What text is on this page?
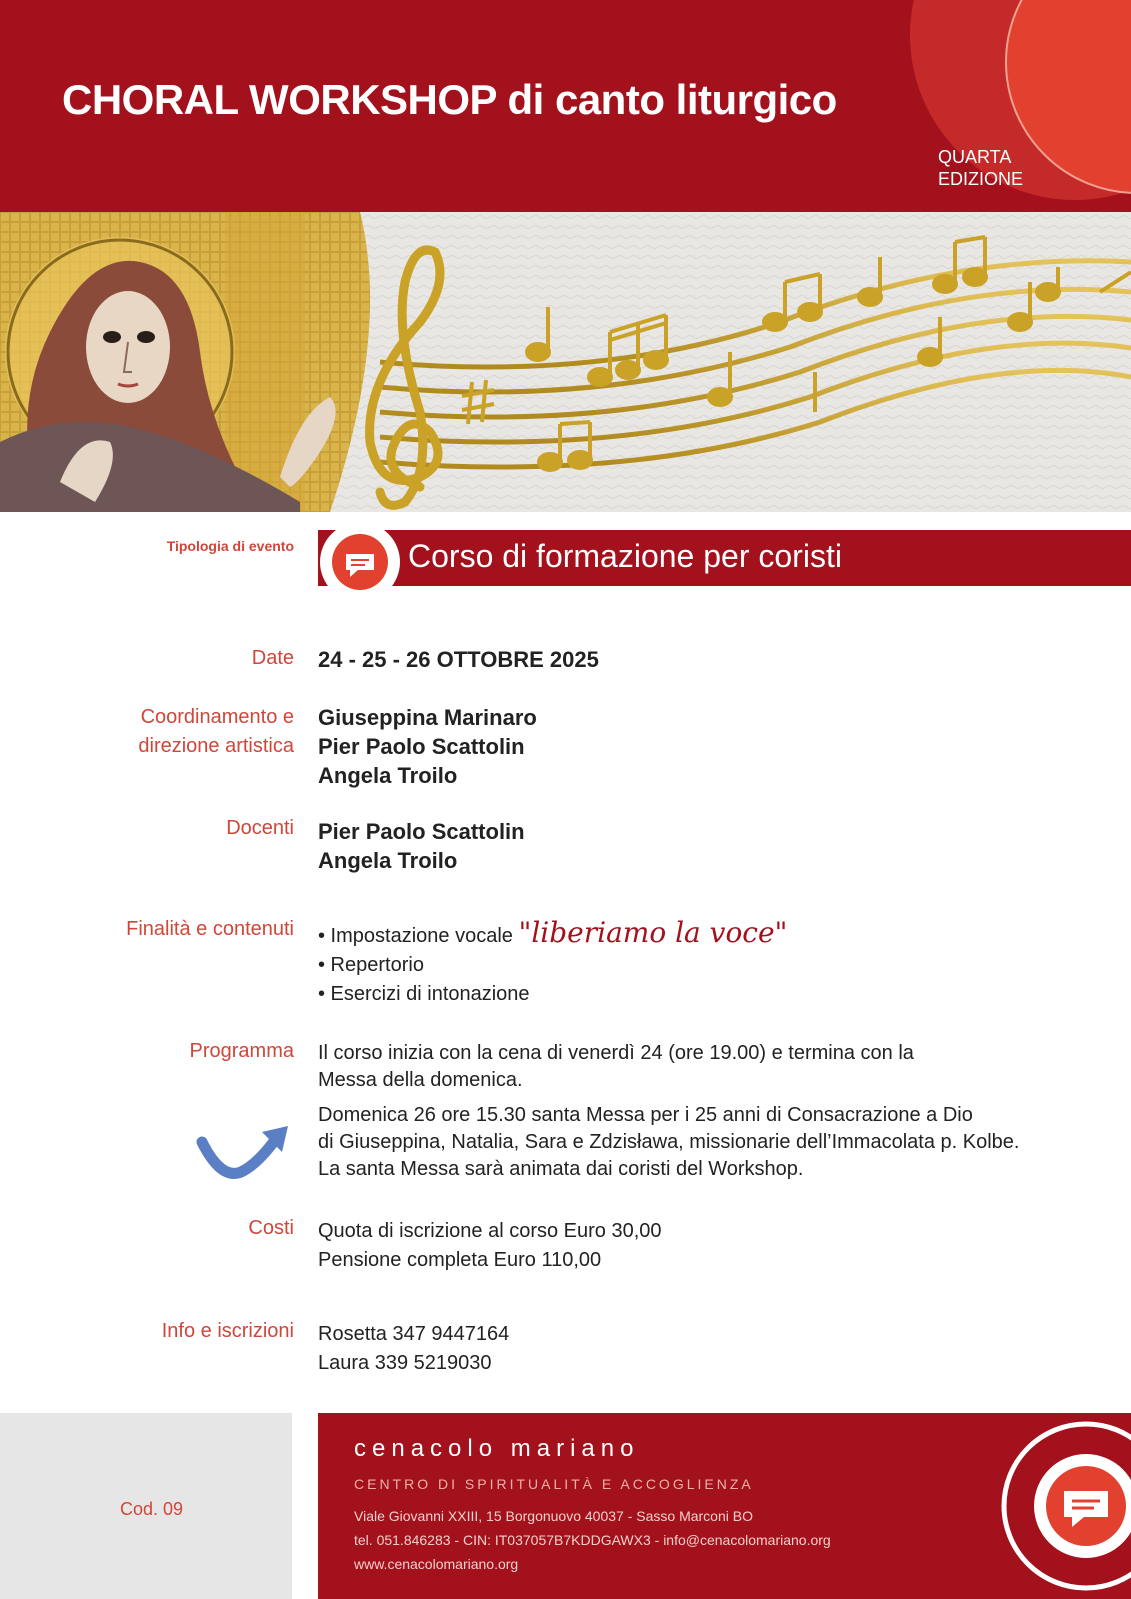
CHORAL WORKSHOP di canto liturgico
QUARTA
EDIZIONE
Tipologia di evento	Corso di formazione per coristi
Date 24 - 25 - 26 OTTOBRE 2025
Coordinamento e
direzione artistica
Giuseppina Marinaro
Pier Paolo Scattolin
Angela Troilo
Docenti Pier Paolo Scattolin
Angela Troilo
Finalità e contenuti • Impostazione vocale "liberiamo la voce"
• Repertorio
• Esercizi di intonazione
Programma Il corso inizia con la cena di venerdì 24 (ore 19.00) e termina con la
Messa della domenica.
Domenica 26 ore 15.30 santa Messa per i 25 anni di Consacrazione a Dio
di Giuseppina, Natalia, Sara e Zdzisława, missionarie dell’Immacolata p. Kolbe.
La santa Messa sarà animata dai coristi del Workshop.
Costi Quota di iscrizione al corso Euro 30,00
Pensione completa Euro 110,00
Info e iscrizioni Rosetta 347 9447164
Laura 339 5219030
Cod. 09
cenacolo mariano
CENTRO DI SPIRITUALITÀ E ACCOGLIENZA
Viale Giovanni XXIII, 15 Borgonuovo 40037 - Sasso Marconi BO
tel. 051.846283 - CIN: IT037057B7KDDGAWX3 - info@cenacolomariano.org
www.cenacolomariano.org
